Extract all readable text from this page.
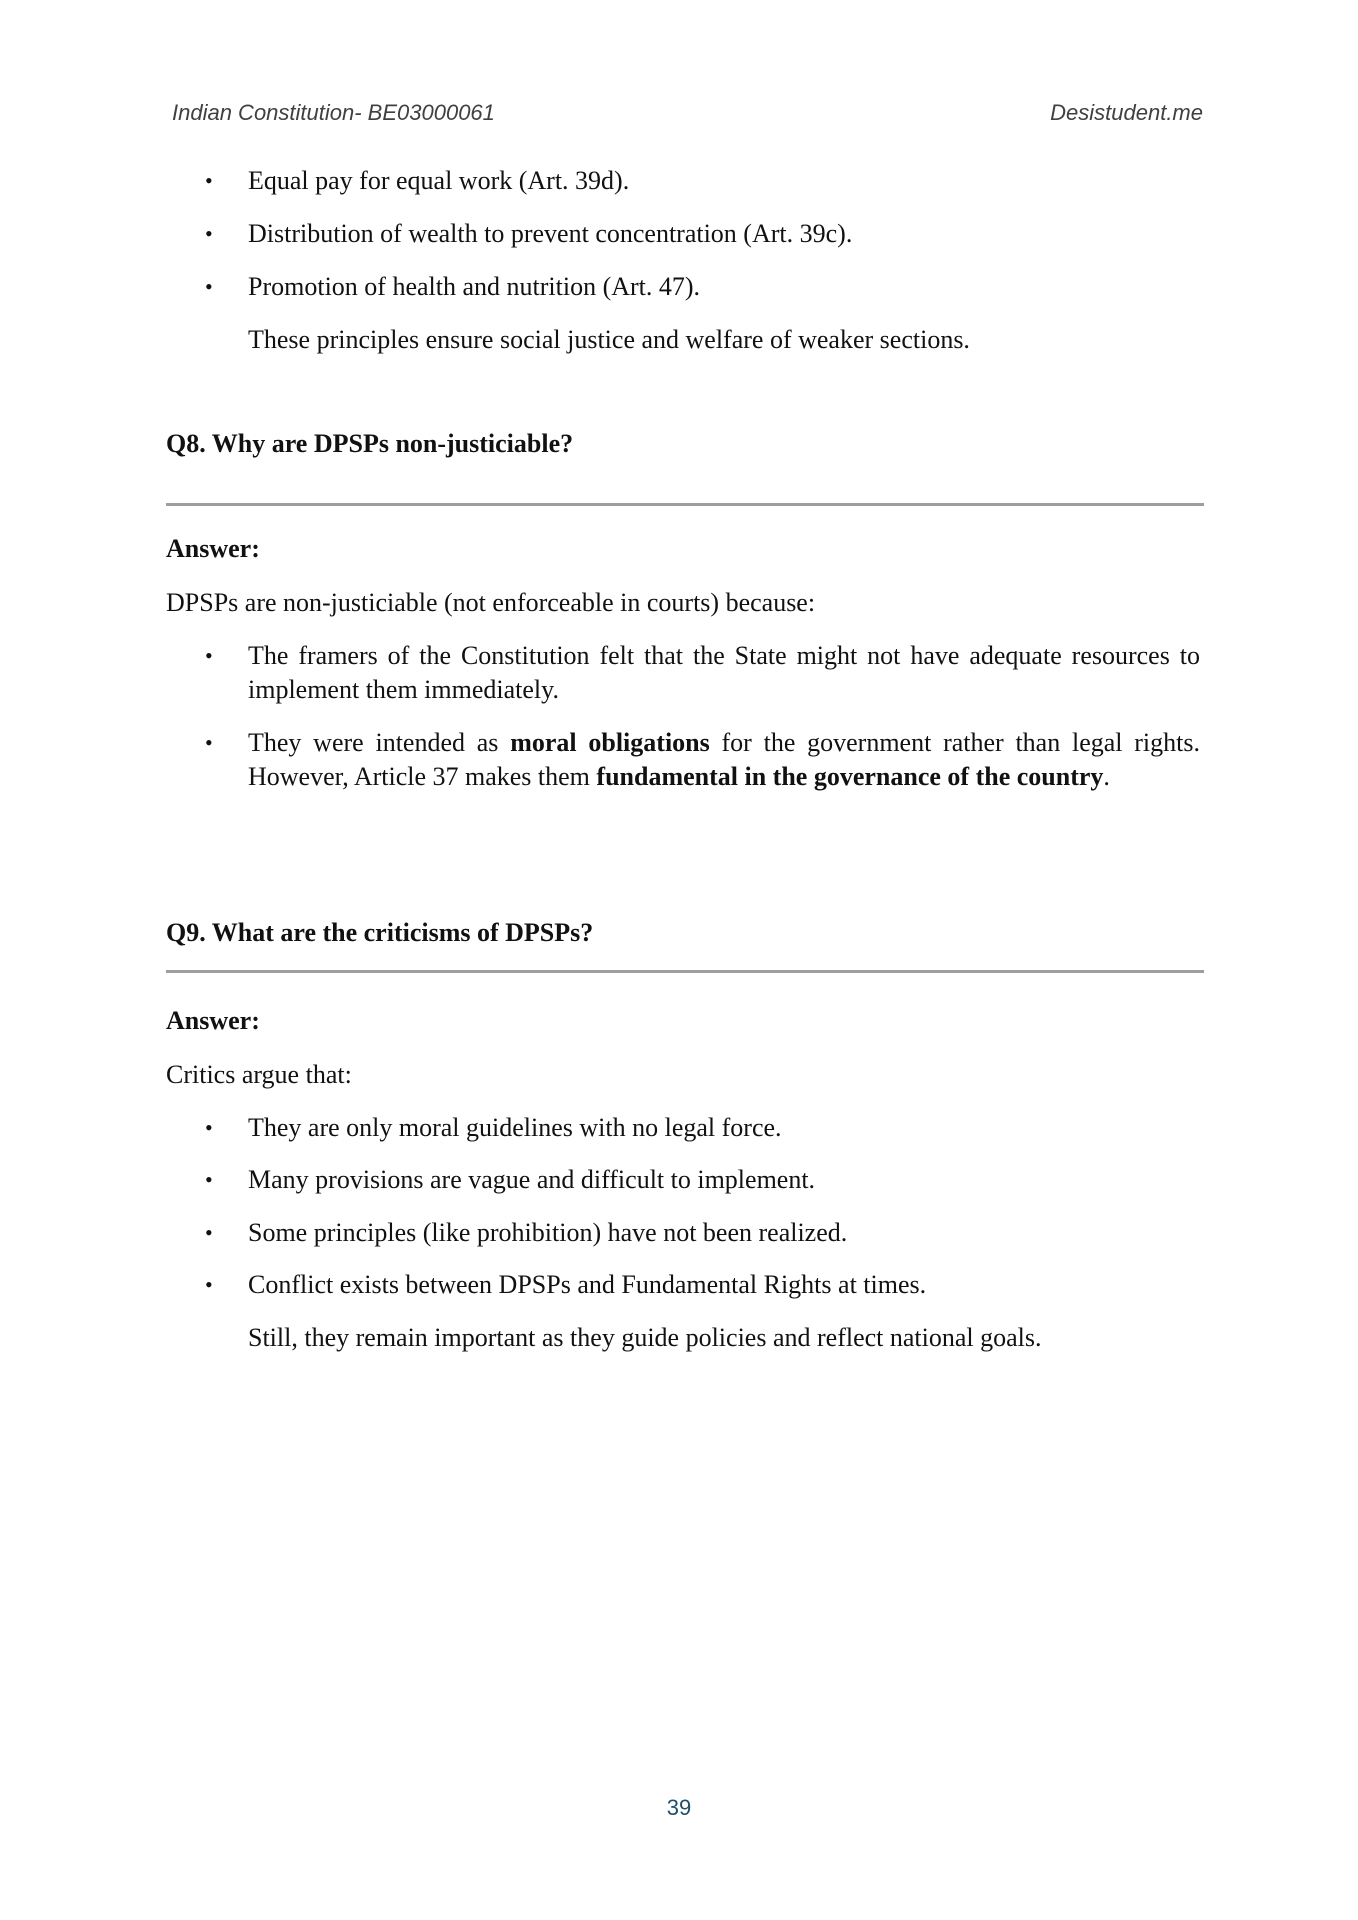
Indian Constitution- BE03000061	Desistudent.me
• Equal pay for equal work (Art. 39d).
• Distribution of wealth to prevent concentration (Art. 39c).
• Promotion of health and nutrition (Art. 47).
These principles ensure social justice and welfare of weaker sections.
Q8. Why are DPSPs non-justiciable?
Answer:
DPSPs are non-justiciable (not enforceable in courts) because:
• The framers of the Constitution felt that the State might not have adequate resources to implement them immediately.
• They were intended as moral obligations for the government rather than legal rights. However, Article 37 makes them fundamental in the governance of the country.
Q9. What are the criticisms of DPSPs?
Answer:
Critics argue that:
• They are only moral guidelines with no legal force.
• Many provisions are vague and difficult to implement.
• Some principles (like prohibition) have not been realized.
• Conflict exists between DPSPs and Fundamental Rights at times.
Still, they remain important as they guide policies and reflect national goals.
39
